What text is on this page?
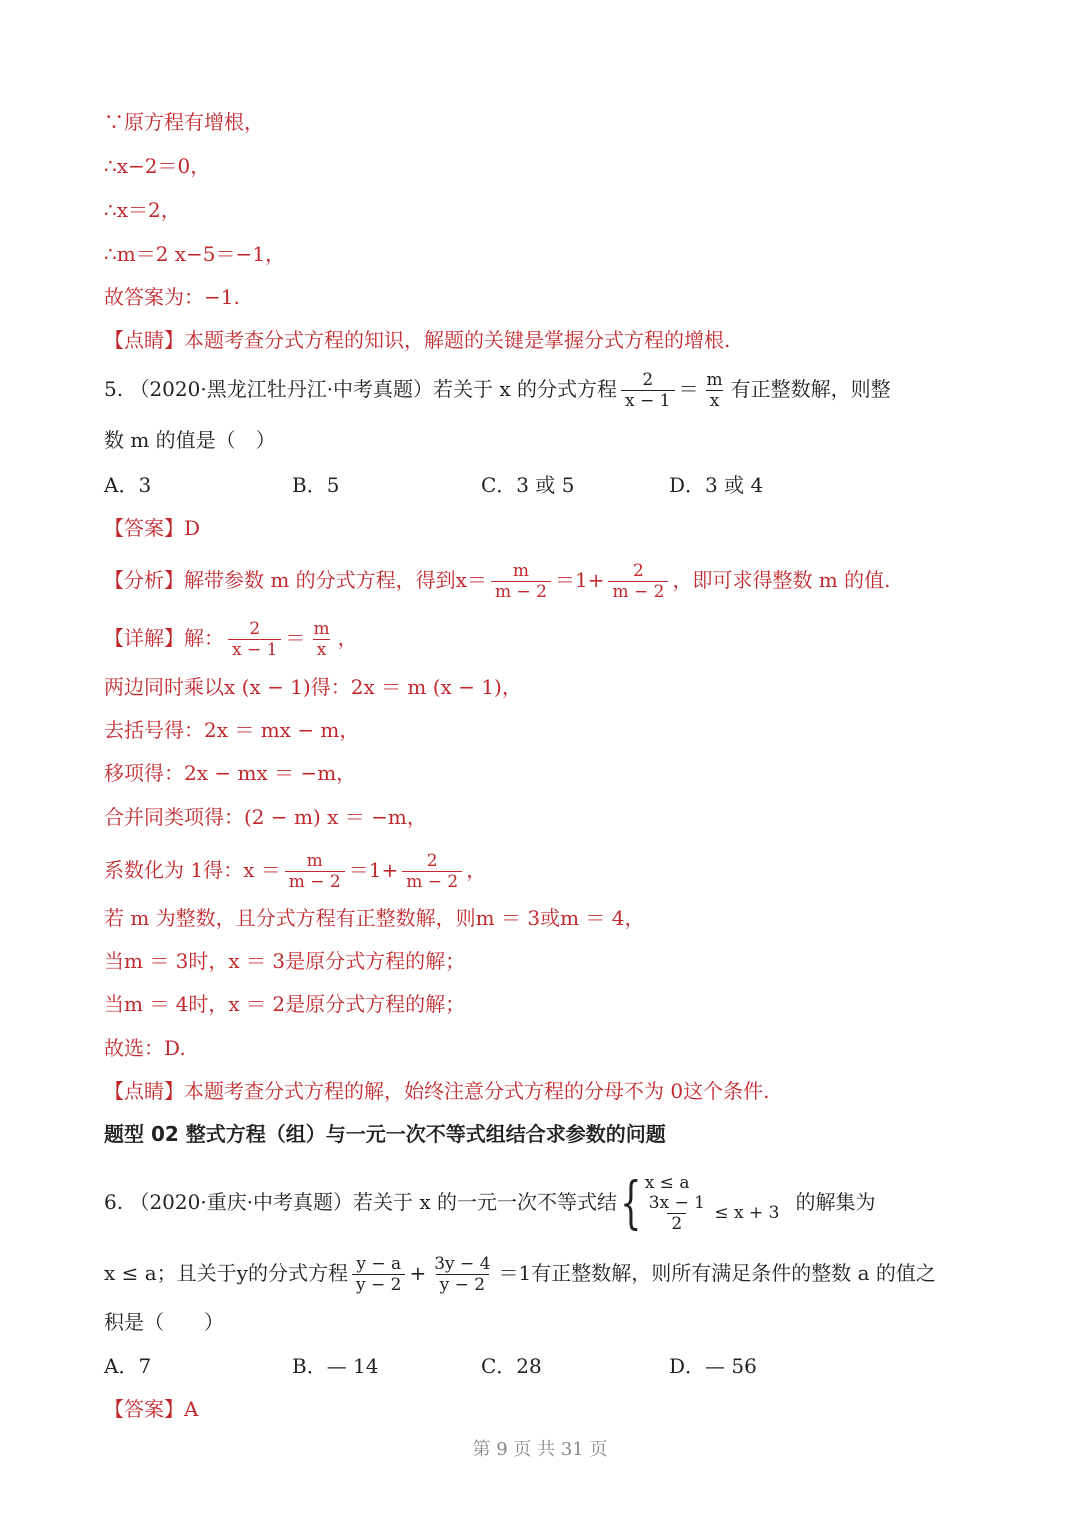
∵原方程有增根，
∴x−2＝0，
∴x＝2，
∴m＝2 x−5＝−1，
故答案为：−1.
【点睛】本题考查分式方程的知识，解题的关键是掌握分式方程的增根.
5. （2020·黑龙江牡丹江·中考真题）若关于 x 的分式方程 $\frac{2}{x - 1} = \frac{m}{x}$ 有正整数解，则整
数 m 的值是（　）
A．3	B．5	C．3 或 5	D．3 或 4
【答案】D
【分析】解带参数 m 的分式方程，得到$x= \frac{m}{m - 2} =1+ \frac{2}{m - 2}$ ，即可求得整数 m 的值.
【详解】解： $\frac{2}{x - 1} = \frac{m}{x}$ ，
两边同时乘以x (x − 1)得：2x ＝ m (x − 1)，
去括号得：2x ＝ mx − m，
移项得：2x − mx ＝ −m，
合并同类项得：(2 − m) x ＝ −m，
系数化为 1得：$x = \frac{m}{m - 2} =1+ \frac{2}{m - 2}$ ，
若 m 为整数，且分式方程有正整数解，则m ＝ 3或m ＝ 4，
当m ＝ 3时，x ＝ 3是原分式方程的解；
当m ＝ 4时，x ＝ 2是原分式方程的解；
故选：D.
【点睛】本题考查分式方程的解，始终注意分式方程的分母不为 0这个条件.
题型 02 整式方程（组）与一元一次不等式组结合求参数的问题
6. （2020·重庆·中考真题）若关于 x 的一元一次不等式结 { x ≤ a
$\frac{3x - 1}{2} \le x + 3$ 的解集为
x ≤ a；且关于y的分式方程 $\frac{y - a}{y - 2} + \frac{3y - 4}{y - 2} =1$有正整数解，则所有满足条件的整数 a 的值之
积是（　　）
A．7	B．— 14	C．28	D．— 56
【答案】A
第 9 页 共 31 页
